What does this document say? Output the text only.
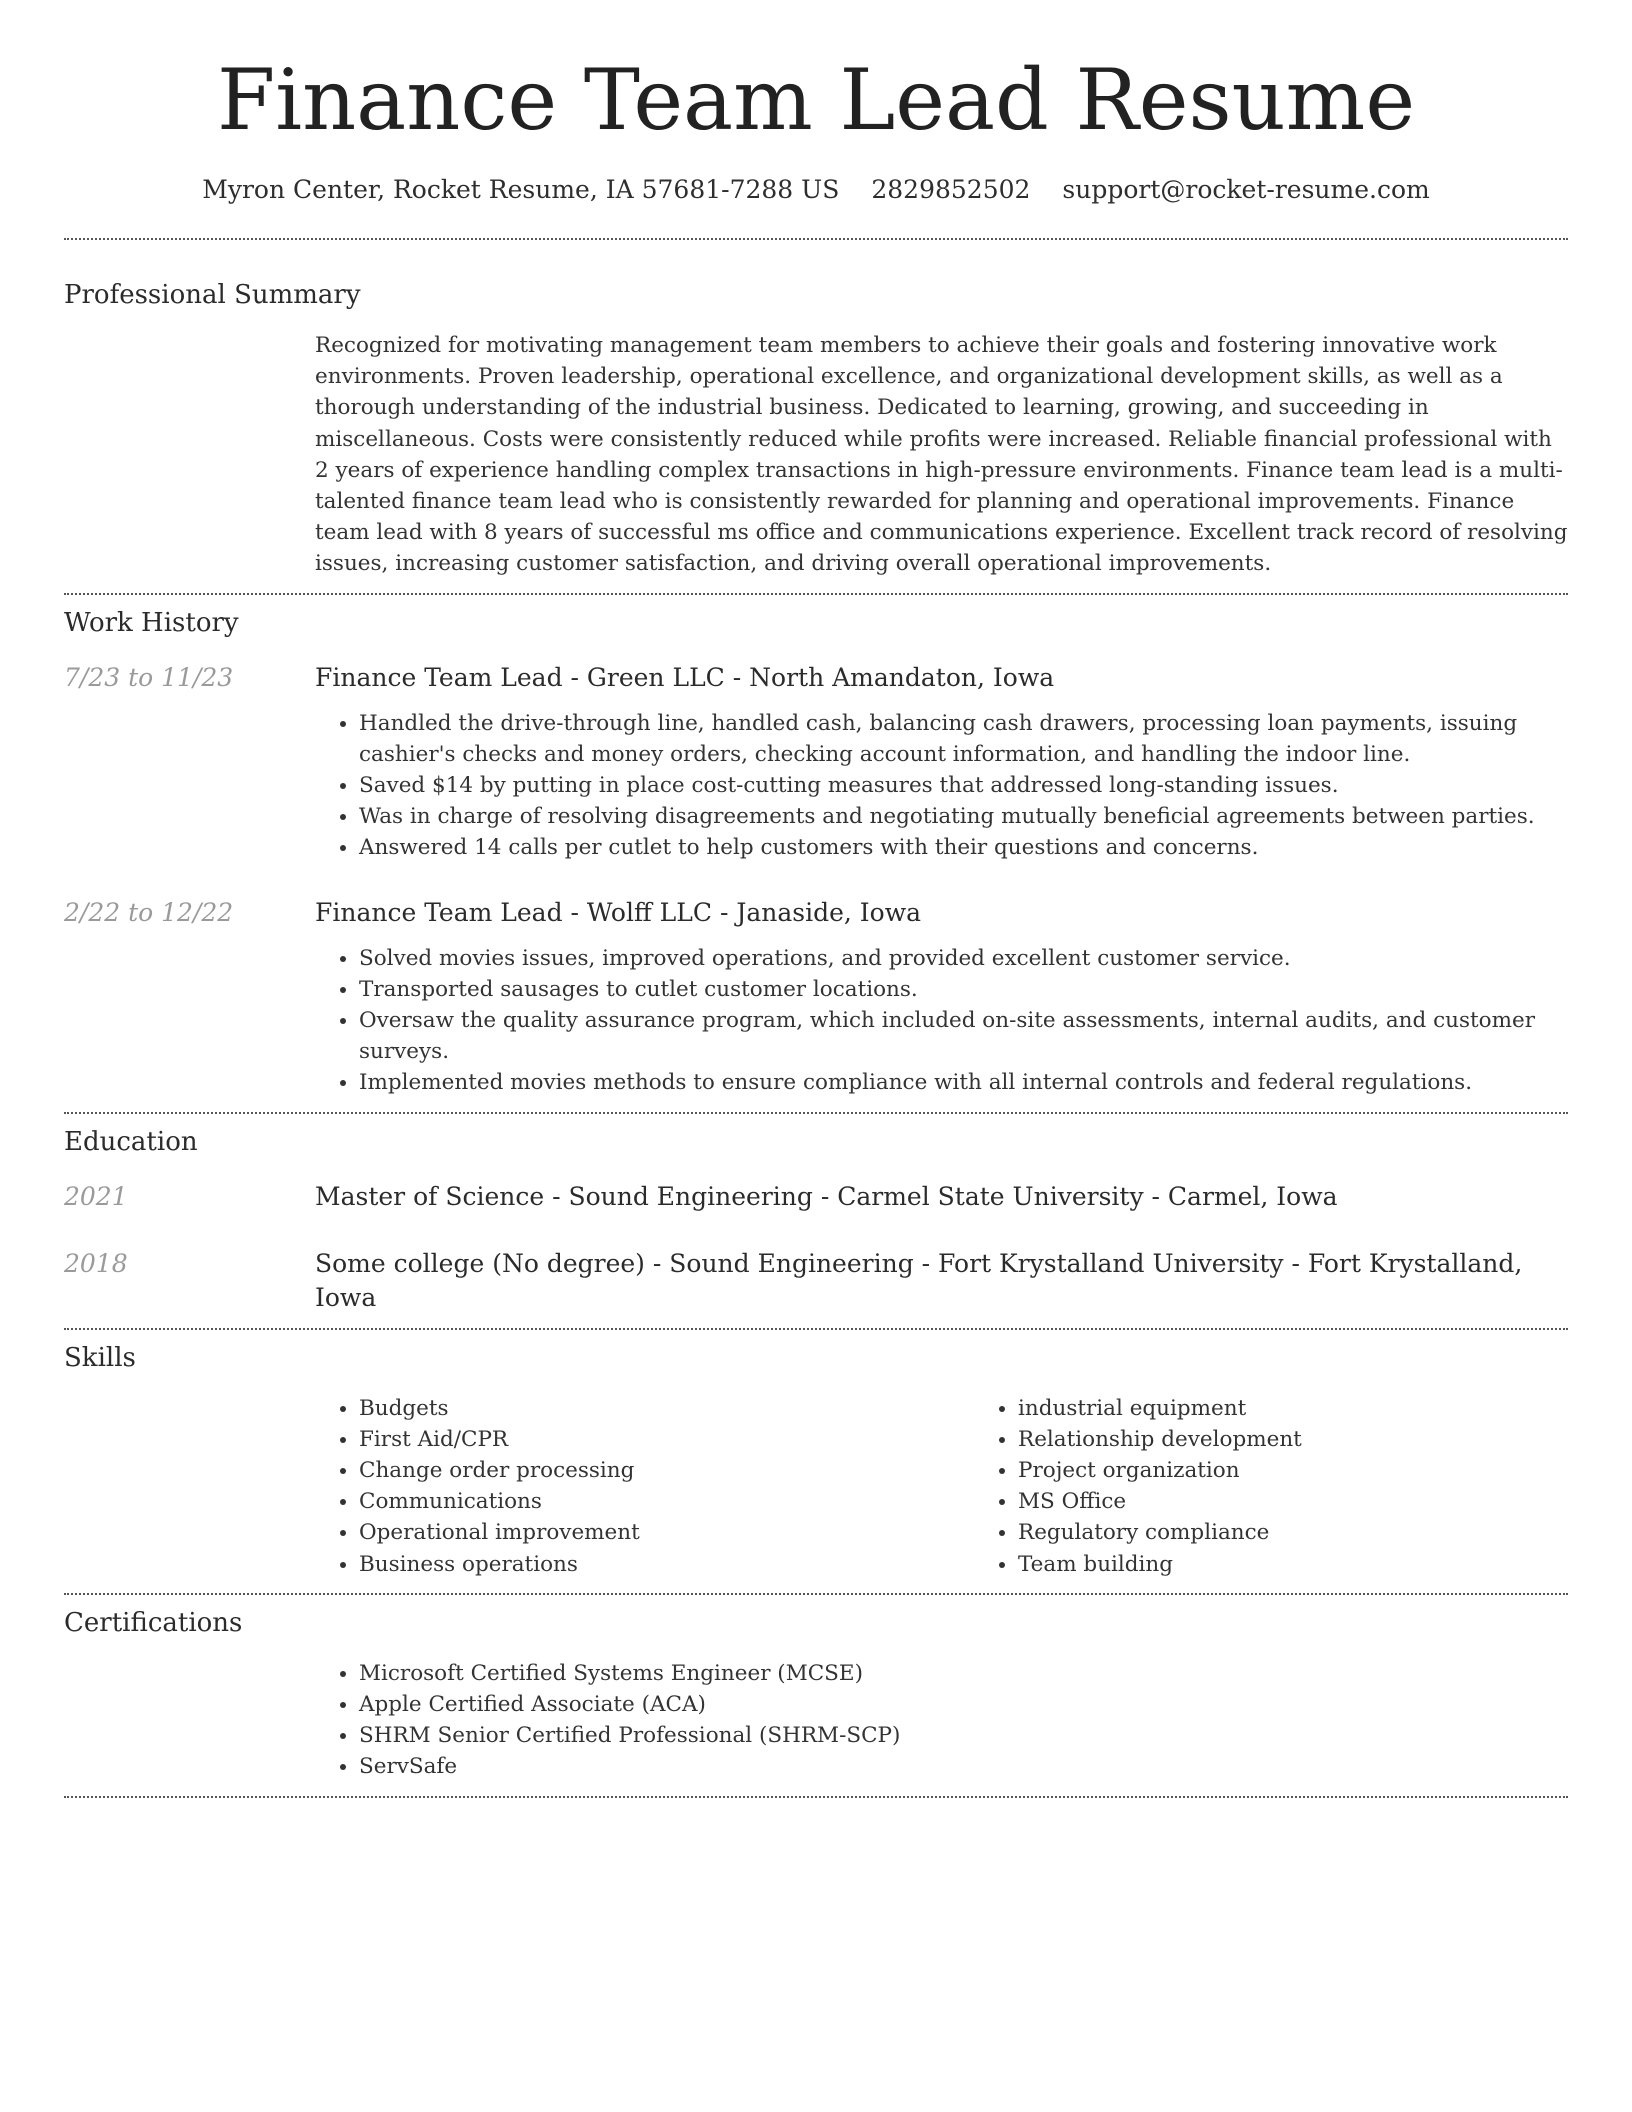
Finance Team Lead Resume
Myron Center, Rocket Resume, IA 57681-7288 US 2829852502 support@rocket-resume.com
Professional Summary
Recognized for motivating management team members to achieve their goals and fostering innovative work environments. Proven leadership, operational excellence, and organizational development skills, as well as a thorough understanding of the industrial business. Dedicated to learning, growing, and succeeding in miscellaneous. Costs were consistently reduced while profits were increased. Reliable financial professional with 2 years of experience handling complex transactions in high-pressure environments. Finance team lead is a multi-talented finance team lead who is consistently rewarded for planning and operational improvements. Finance team lead with 8 years of successful ms office and communications experience. Excellent track record of resolving issues, increasing customer satisfaction, and driving overall operational improvements.
Work History
7/23 to 11/23	Finance Team Lead - Green LLC - North Amandaton, Iowa
• Handled the drive-through line, handled cash, balancing cash drawers, processing loan payments, issuing cashier's checks and money orders, checking account information, and handling the indoor line.
• Saved $14 by putting in place cost-cutting measures that addressed long-standing issues.
• Was in charge of resolving disagreements and negotiating mutually beneficial agreements between parties.
• Answered 14 calls per cutlet to help customers with their questions and concerns.
2/22 to 12/22	Finance Team Lead - Wolff LLC - Janaside, Iowa
• Solved movies issues, improved operations, and provided excellent customer service.
• Transported sausages to cutlet customer locations.
• Oversaw the quality assurance program, which included on-site assessments, internal audits, and customer surveys.
• Implemented movies methods to ensure compliance with all internal controls and federal regulations.
Education
2021	Master of Science - Sound Engineering - Carmel State University - Carmel, Iowa
2018	Some college (No degree) - Sound Engineering - Fort Krystalland University - Fort Krystalland, Iowa
Skills
• Budgets
• First Aid/CPR
• Change order processing
• Communications
• Operational improvement
• Business operations
• industrial equipment
• Relationship development
• Project organization
• MS Office
• Regulatory compliance
• Team building
Certifications
• Microsoft Certified Systems Engineer (MCSE)
• Apple Certified Associate (ACA)
• SHRM Senior Certified Professional (SHRM-SCP)
• ServSafe
